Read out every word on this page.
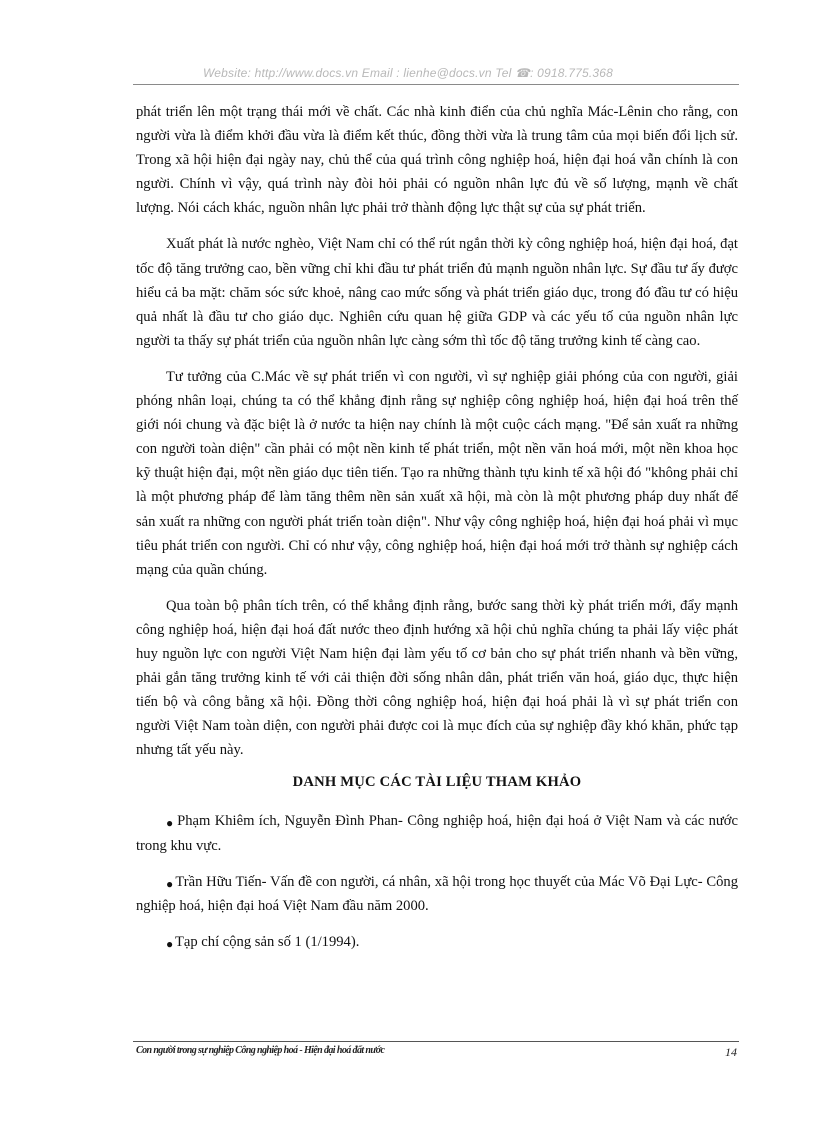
Website: http://www.docs.vn Email : lienhe@docs.vn Tel ☎: 0918.775.368

phát triển lên một trạng thái mới về chất. Các nhà kinh điển của chủ nghĩa Mác-Lênin cho rằng, con người vừa là điểm khởi đầu vừa là điểm kết thúc, đồng thời vừa là trung tâm của mọi biến đổi lịch sử. Trong xã hội hiện đại ngày nay, chủ thể của quá trình công nghiệp hoá, hiện đại hoá vẫn chính là con người. Chính vì vậy, quá trình này đòi hỏi phải có nguồn nhân lực đủ về số lượng, mạnh về chất lượng. Nói cách khác, nguồn nhân lực phải trở thành động lực thật sự của sự phát triển.

Xuất phát là nước nghèo, Việt Nam chỉ có thể rút ngắn thời kỳ công nghiệp hoá, hiện đại hoá, đạt tốc độ tăng trưởng cao, bền vững chỉ khi đầu tư phát triển đủ mạnh nguồn nhân lực. Sự đầu tư ấy được hiểu cả ba mặt: chăm sóc sức khoẻ, nâng cao mức sống và phát triển giáo dục, trong đó đầu tư có hiệu quả nhất là đầu tư cho giáo dục. Nghiên cứu quan hệ giữa GDP và các yếu tố của nguồn nhân lực người ta thấy sự phát triển của nguồn nhân lực càng sớm thì tốc độ tăng trưởng kinh tế càng cao.

Tư tưởng của C.Mác về sự phát triển vì con người, vì sự nghiệp giải phóng của con người, giải phóng nhân loại, chúng ta có thể khẳng định rằng sự nghiệp công nghiệp hoá, hiện đại hoá trên thế giới nói chung và đặc biệt là ở nước ta hiện nay chính là một cuộc cách mạng. "Để sản xuất ra những con người toàn diện" cần phải có một nền kinh tế phát triển, một nền văn hoá mới, một nền khoa học kỹ thuật hiện đại, một nền giáo dục tiên tiến. Tạo ra những thành tựu kinh tế xã hội đó "không phải chỉ là một phương pháp để làm tăng thêm nền sản xuất xã hội, mà còn là một phương pháp duy nhất để sản xuất ra những con người phát triển toàn diện". Như vậy công nghiệp hoá, hiện đại hoá phải vì mục tiêu phát triển con người. Chỉ có như vậy, công nghiệp hoá, hiện đại hoá mới trở thành sự nghiệp cách mạng của quần chúng.

Qua toàn bộ phân tích trên, có thể khẳng định rằng, bước sang thời kỳ phát triển mới, đẩy mạnh công nghiệp hoá, hiện đại hoá đất nước theo định hướng xã hội chủ nghĩa chúng ta phải lấy việc phát huy nguồn lực con người Việt Nam hiện đại làm yếu tố cơ bản cho sự phát triển nhanh và bền vững, phải gắn tăng trưởng kinh tế với cải thiện đời sống nhân dân, phát triển văn hoá, giáo dục, thực hiện tiến bộ và công bằng xã hội. Đồng thời công nghiệp hoá, hiện đại hoá phải là vì sự phát triển con người Việt Nam toàn diện, con người phải được coi là mục đích của sự nghiệp đầy khó khăn, phức tạp nhưng tất yếu này.

DANH MỤC CÁC TÀI LIỆU THAM KHẢO
● Phạm Khiêm ích, Nguyễn Đình Phan- Công nghiệp hoá, hiện đại hoá ở Việt Nam và các nước trong khu vực.
● Trần Hữu Tiến- Vấn đề con người, cá nhân, xã hội trong học thuyết của Mác Võ Đại Lực- Công nghiệp hoá, hiện đại hoá Việt Nam đầu năm 2000.
● Tạp chí cộng sản số 1 (1/1994).
Con người trong sự nghiệp Công nghiệp hoá - Hiện đại hoá đất nước	14
